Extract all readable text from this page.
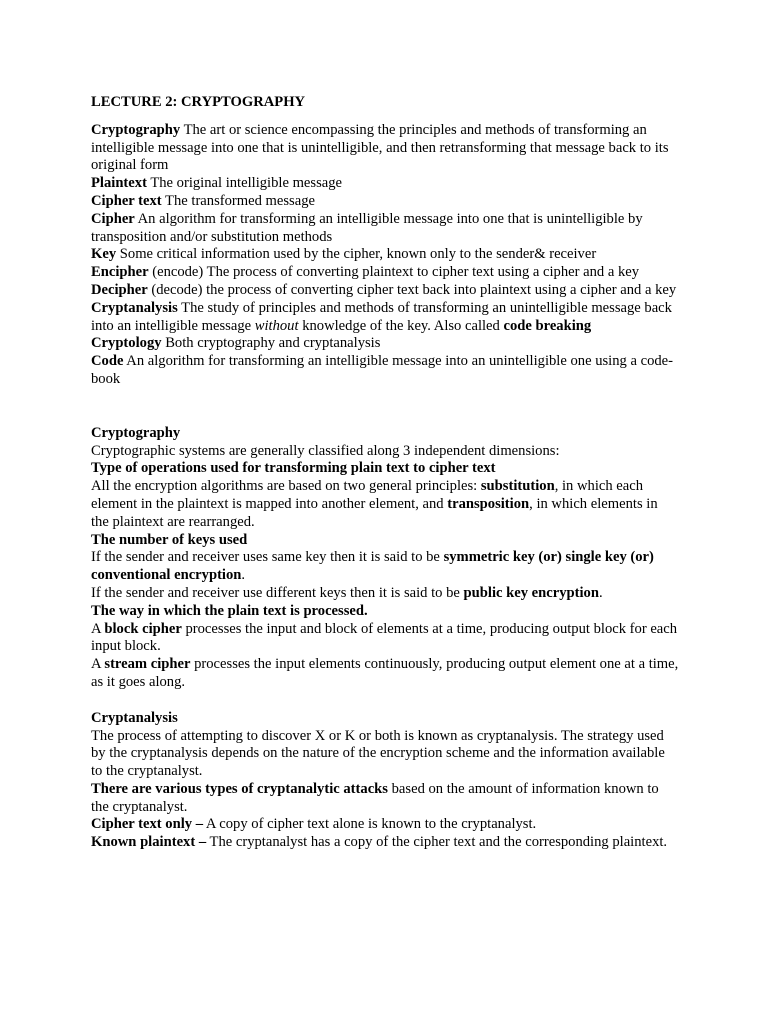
LECTURE 2: CRYPTOGRAPHY

Cryptography The art or science encompassing the principles and methods of transforming an intelligible message into one that is unintelligible, and then retransforming that message back to its original form

Plaintext The original intelligible message

Cipher text The transformed message

Cipher An algorithm for transforming an intelligible message into one that is unintelligible by transposition and/or substitution methods

Key Some critical information used by the cipher, known only to the sender& receiver

Encipher (encode) The process of converting plaintext to cipher text using a cipher and a key

Decipher (decode) the process of converting cipher text back into plaintext using a cipher and a key

Cryptanalysis The study of principles and methods of transforming an unintelligible message back into an intelligible message without knowledge of the key. Also called code breaking

Cryptology Both cryptography and cryptanalysis

Code An algorithm for transforming an intelligible message into an unintelligible one using a code-book

Cryptography

Cryptographic systems are generally classified along 3 independent dimensions:

Type of operations used for transforming plain text to cipher text

All the encryption algorithms are based on two general principles: substitution, in which each element in the plaintext is mapped into another element, and transposition, in which elements in the plaintext are rearranged.

The number of keys used

If the sender and receiver uses same key then it is said to be symmetric key (or) single key (or) conventional encryption.

If the sender and receiver use different keys then it is said to be public key encryption.

The way in which the plain text is processed.

A block cipher processes the input and block of elements at a time, producing output block for each input block.

A stream cipher processes the input elements continuously, producing output element one at a time, as it goes along.

Cryptanalysis

The process of attempting to discover X or K or both is known as cryptanalysis. The strategy used by the cryptanalysis depends on the nature of the encryption scheme and the information available to the cryptanalyst.

There are various types of cryptanalytic attacks based on the amount of information known to the cryptanalyst.

Cipher text only – A copy of cipher text alone is known to the cryptanalyst.

Known plaintext – The cryptanalyst has a copy of the cipher text and the corresponding plaintext.
